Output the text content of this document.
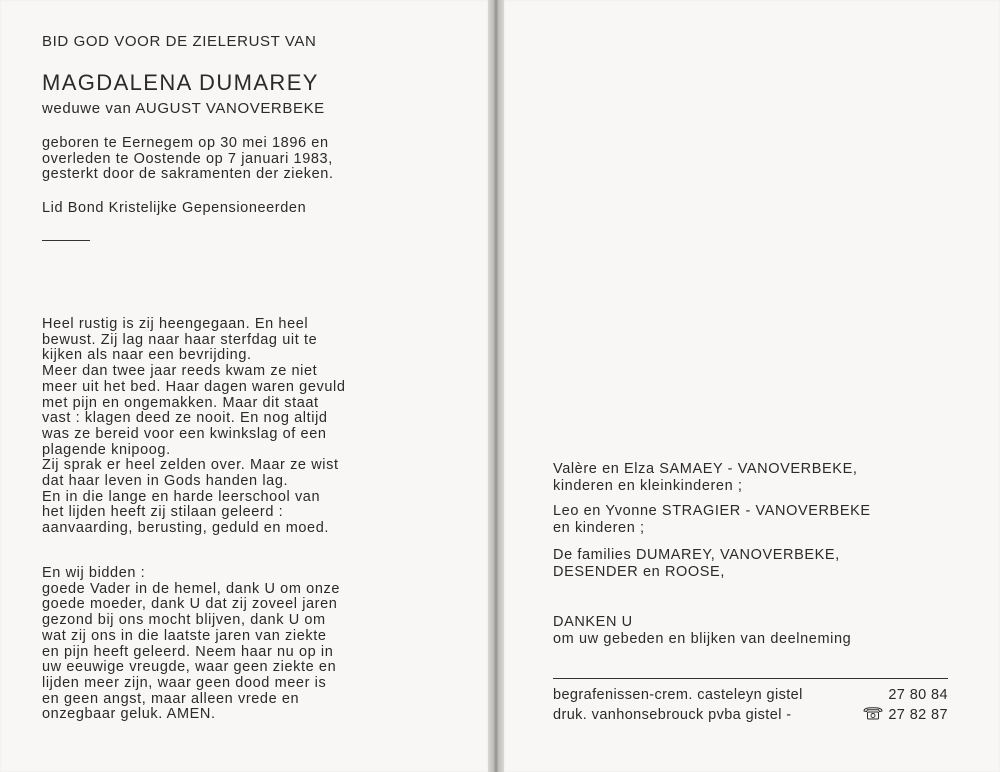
BID GOD VOOR DE ZIELERUST VAN
MAGDALENA DUMAREY
weduwe van AUGUST VANOVERBEKE
geboren te Eernegem op 30 mei 1896 en
overleden te Oostende op 7 januari 1983,
gesterkt door de sakramenten der zieken.
Lid Bond Kristelijke Gepensioneerden
Heel rustig is zij heengegaan. En heel
bewust. Zij lag naar haar sterfdag uit te
kijken als naar een bevrijding.
Meer dan twee jaar reeds kwam ze niet
meer uit het bed. Haar dagen waren gevuld
met pijn en ongemakken. Maar dit staat
vast : klagen deed ze nooit. En nog altijd
was ze bereid voor een kwinkslag of een
plagende knipoog.
Zij sprak er heel zelden over. Maar ze wist
dat haar leven in Gods handen lag.
En in die lange en harde leerschool van
het lijden heeft zij stilaan geleerd :
aanvaarding, berusting, geduld en moed.
En wij bidden :
goede Vader in de hemel, dank U om onze
goede moeder, dank U dat zij zoveel jaren
gezond bij ons mocht blijven, dank U om
wat zij ons in die laatste jaren van ziekte
en pijn heeft geleerd. Neem haar nu op in
uw eeuwige vreugde, waar geen ziekte en
lijden meer zijn, waar geen dood meer is
en geen angst, maar alleen vrede en
onzegbaar geluk. AMEN.
Valère en Elza SAMAEY - VANOVERBEKE,
kinderen en kleinkinderen ;
Leo en Yvonne STRAGIER - VANOVERBEKE
en kinderen ;
De families DUMAREY, VANOVERBEKE,
DESENDER en ROOSE,
DANKEN U
om uw gebeden en blijken van deelneming
begrafenissen-crem. casteleyn gistel	27 80 84
druk. vanhonsebrouck pvba gistel -	27 82 87
